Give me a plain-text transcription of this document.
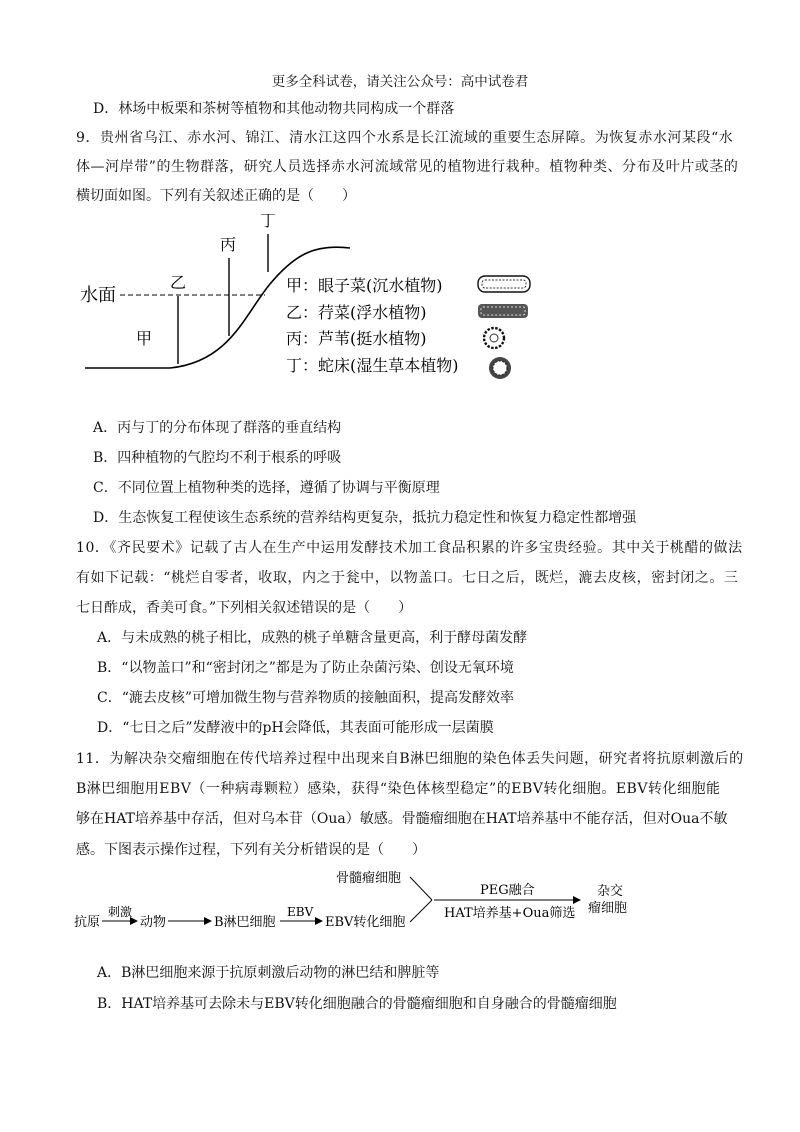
更多全科试卷，请关注公众号：高中试卷君
D．林场中板栗和茶树等植物和其他动物共同构成一个群落
9．贵州省乌江、赤水河、锦江、清水江这四个水系是长江流域的重要生态屏障。为恢复赤水河某段“水
体—河岸带”的生物群落，研究人员选择赤水河流域常见的植物进行栽种。植物种类、分布及叶片或茎的
横切面如图。下列有关叙述正确的是（　　）
水面
甲
乙
丙
丁
甲：眼子菜(沉水植物)
乙：荇菜(浮水植物)
丙：芦苇(挺水植物)
丁：蛇床(湿生草本植物)
A．丙与丁的分布体现了群落的垂直结构
B．四种植物的气腔均不利于根系的呼吸
C．不同位置上植物种类的选择，遵循了协调与平衡原理
D．生态恢复工程使该生态系统的营养结构更复杂，抵抗力稳定性和恢复力稳定性都增强
10．《齐民要术》记载了古人在生产中运用发酵技术加工食品积累的许多宝贵经验。其中关于桃醋的做法
有如下记载：“桃烂自零者，收取，内之于瓮中，以物盖口。七日之后，既烂，漉去皮核，密封闭之。三
七日酢成，香美可食。”下列相关叙述错误的是（　　）
A．与未成熟的桃子相比，成熟的桃子单糖含量更高，利于酵母菌发酵
B．“以物盖口”和“密封闭之”都是为了防止杂菌污染、创设无氧环境
C．“漉去皮核”可增加微生物与营养物质的接触面积，提高发酵效率
D．“七日之后”发酵液中的pH会降低，其表面可能形成一层菌膜
11．为解决杂交瘤细胞在传代培养过程中出现来自B淋巴细胞的染色体丢失问题，研究者将抗原刺激后的
B淋巴细胞用EBV（一种病毒颗粒）感染，获得“染色体核型稳定”的EBV转化细胞。EBV转化细胞能
够在HAT培养基中存活，但对乌本苷（Oua）敏感。骨髓瘤细胞在HAT培养基中不能存活，但对Oua不敏
感。下图表示操作过程，下列有关分析错误的是（　　）
抗原
刺激
动物	B淋巴细胞
EBV
EBV转化细胞
骨髓瘤细胞
PEG融合
HAT培养基+Oua筛选
杂交
瘤细胞
A．B淋巴细胞来源于抗原刺激后动物的淋巴结和脾脏等
B．HAT培养基可去除未与EBV转化细胞融合的骨髓瘤细胞和自身融合的骨髓瘤细胞
